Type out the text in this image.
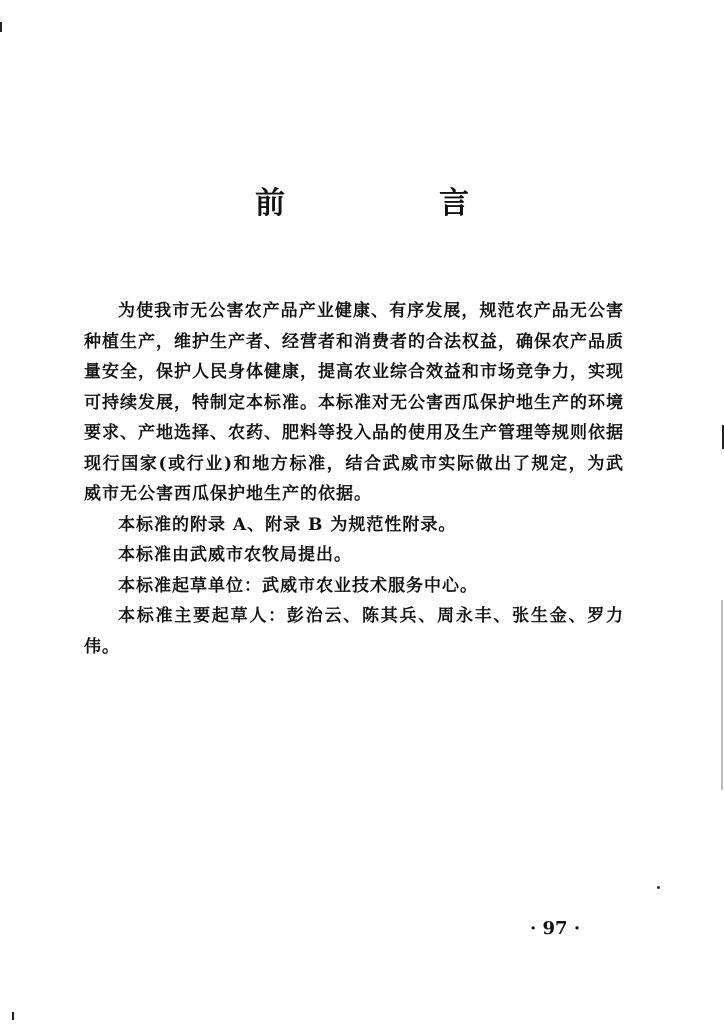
前　言

为使我市无公害农产品产业健康、有序发展，规范农产品无公害种植生产，维护生产者、经营者和消费者的合法权益，确保农产品质量安全，保护人民身体健康，提高农业综合效益和市场竞争力，实现可持续发展，特制定本标准。本标准对无公害西瓜保护地生产的环境要求、产地选择、农药、肥料等投入品的使用及生产管理等规则依据现行国家(或行业)和地方标准，结合武威市实际做出了规定，为武威市无公害西瓜保护地生产的依据。

本标准的附录 A、附录 B 为规范性附录。

本标准由武威市农牧局提出。

本标准起草单位：武威市农业技术服务中心。

本标准主要起草人：彭治云、陈其兵、周永丰、张生金、罗力伟。

· 97 ·
